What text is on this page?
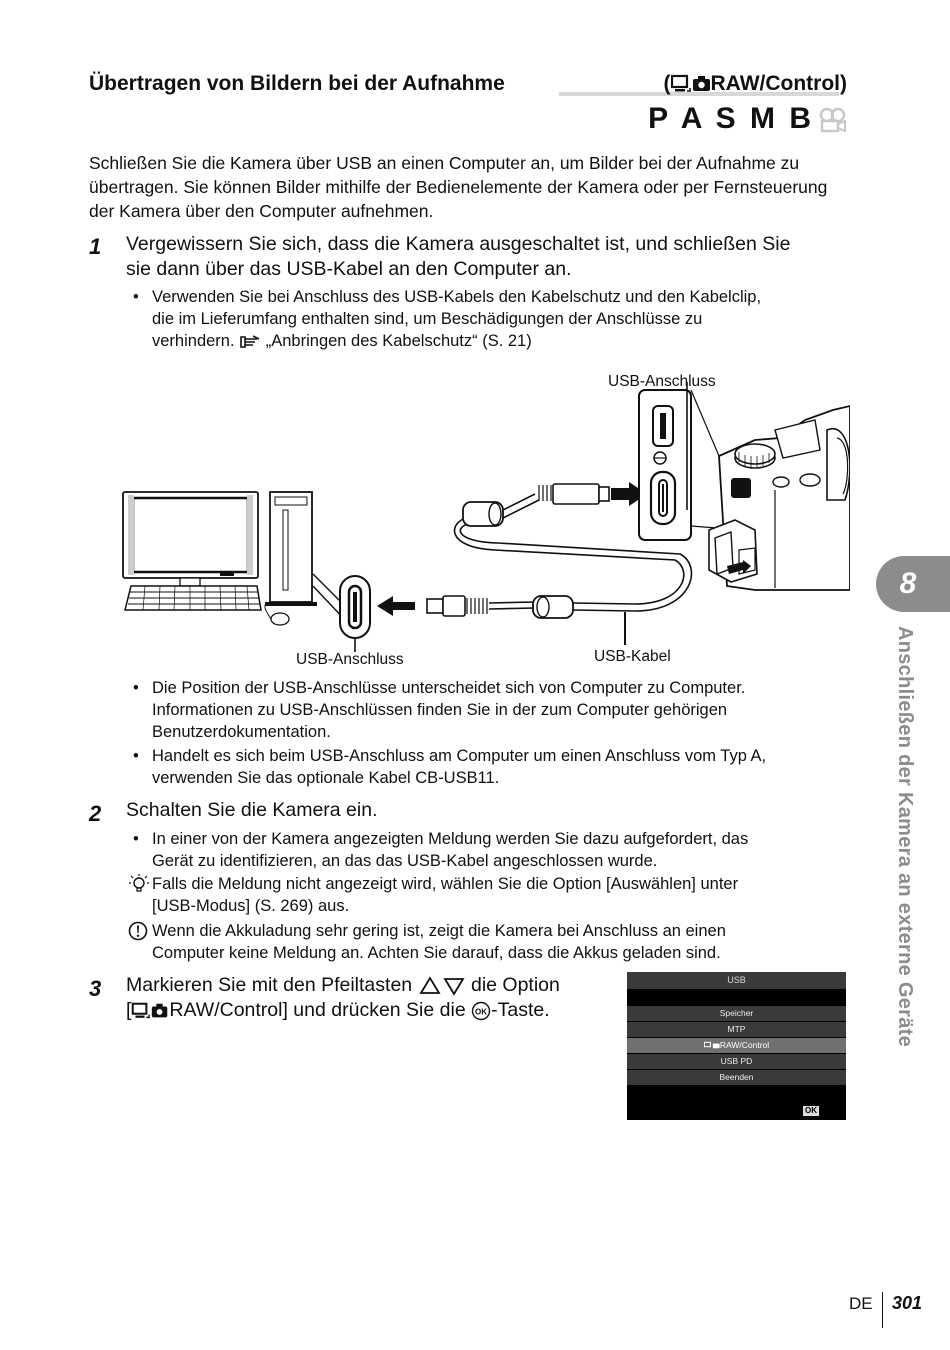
Übertragen von Bildern bei der Aufnahme	( RAW/Control)
P A S M B
Schließen Sie die Kamera über USB an einen Computer an, um Bilder bei der Aufnahme zu übertragen. Sie können Bilder mithilfe der Bedienelemente der Kamera oder per Fernsteuerung der Kamera über den Computer aufnehmen.
1 Vergewissern Sie sich, dass die Kamera ausgeschaltet ist, und schließen Sie
sie dann über das USB-Kabel an den Computer an.
• Verwenden Sie bei Anschluss des USB-Kabels den Kabelschutz und den Kabelclip,
die im Lieferumfang enthalten sind, um Beschädigungen der Anschlüsse zu
verhindern. „Anbringen des Kabelschutz“ (S. 21)
USB-Anschluss
USB-Anschluss	USB-Kabel
• Die Position der USB-Anschlüsse unterscheidet sich von Computer zu Computer.
Informationen zu USB-Anschlüssen finden Sie in der zum Computer gehörigen
Benutzerdokumentation.
• Handelt es sich beim USB-Anschluss am Computer um einen Anschluss vom Typ A,
verwenden Sie das optionale Kabel CB-USB11.
2 Schalten Sie die Kamera ein.
• In einer von der Kamera angezeigten Meldung werden Sie dazu aufgefordert, das
Gerät zu identifizieren, an das das USB-Kabel angeschlossen wurde.
Falls die Meldung nicht angezeigt wird, wählen Sie die Option [Auswählen] unter
[USB-Modus] (S. 269) aus.
Wenn die Akkuladung sehr gering ist, zeigt die Kamera bei Anschluss an einen
Computer keine Meldung an. Achten Sie darauf, dass die Akkus geladen sind.
3 Markieren Sie mit den Pfeiltasten	die Option
[ RAW/Control] und drücken Sie die OK -Taste.
USB
Speicher
MTP
RAW/Control
USB PD
Beenden
OK
8
Anschließen der Kamera an externe Geräte
DE 301
